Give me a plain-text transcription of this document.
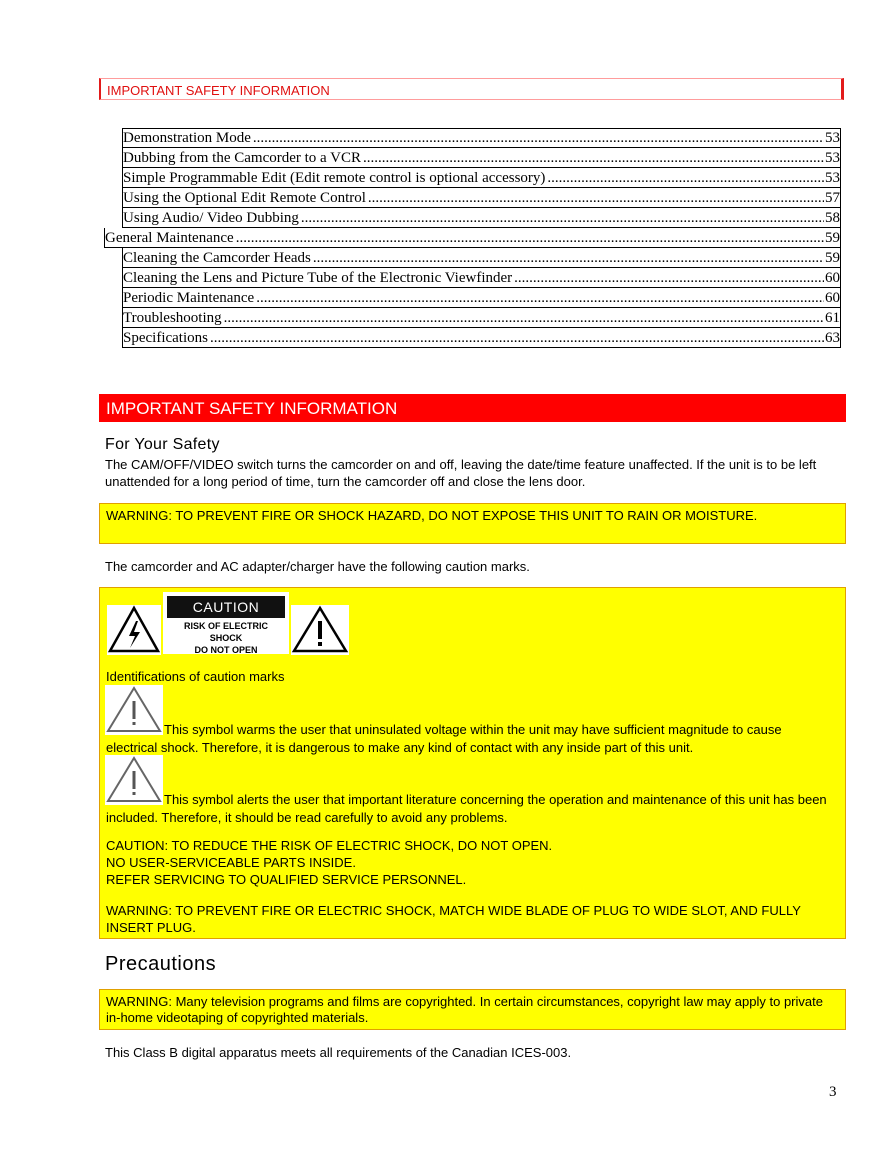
IMPORTANT SAFETY INFORMATION
Demonstration Mode .....	53
Dubbing from the Camcorder to a VCR .....	53
Simple Programmable Edit (Edit remote control is optional accessory) .....	53
Using the Optional Edit Remote Control .....	57
Using Audio/ Video Dubbing .....	58
General Maintenance .....	59
Cleaning the Camcorder Heads .....	59
Cleaning the Lens and Picture Tube of the Electronic Viewfinder .....	60
Periodic Maintenance .....	60
Troubleshooting .....	61
Specifications .....	63
IMPORTANT SAFETY INFORMATION
For Your Safety
The CAM/OFF/VIDEO switch turns the camcorder on and off, leaving the date/time feature unaffected. If the unit is to be left unattended for a long period of time, turn the camcorder off and close the lens door.
WARNING: TO PREVENT FIRE OR SHOCK HAZARD, DO NOT EXPOSE THIS UNIT TO RAIN OR MOISTURE.
The camcorder and AC adapter/charger have the following caution marks.
CAUTION
RISK OF ELECTRIC SHOCK
DO NOT OPEN
Identifications of caution marks
This symbol warms the user that uninsulated voltage within the unit may have sufficient magnitude to cause electrical shock. Therefore, it is dangerous to make any kind of contact with any inside part of this unit.
This symbol alerts the user that important literature concerning the operation and maintenance of this unit has been included. Therefore, it should be read carefully to avoid any problems.
CAUTION: TO REDUCE THE RISK OF ELECTRIC SHOCK, DO NOT OPEN.
NO USER-SERVICEABLE PARTS INSIDE.
REFER SERVICING TO QUALIFIED SERVICE PERSONNEL.
WARNING: TO PREVENT FIRE OR ELECTRIC SHOCK, MATCH WIDE BLADE OF PLUG TO WIDE SLOT, AND FULLY INSERT PLUG.
Precautions
WARNING: Many television programs and films are copyrighted. In certain circumstances, copyright law may apply to private in-home videotaping of copyrighted materials.
This Class B digital apparatus meets all requirements of the Canadian ICES-003.
3
